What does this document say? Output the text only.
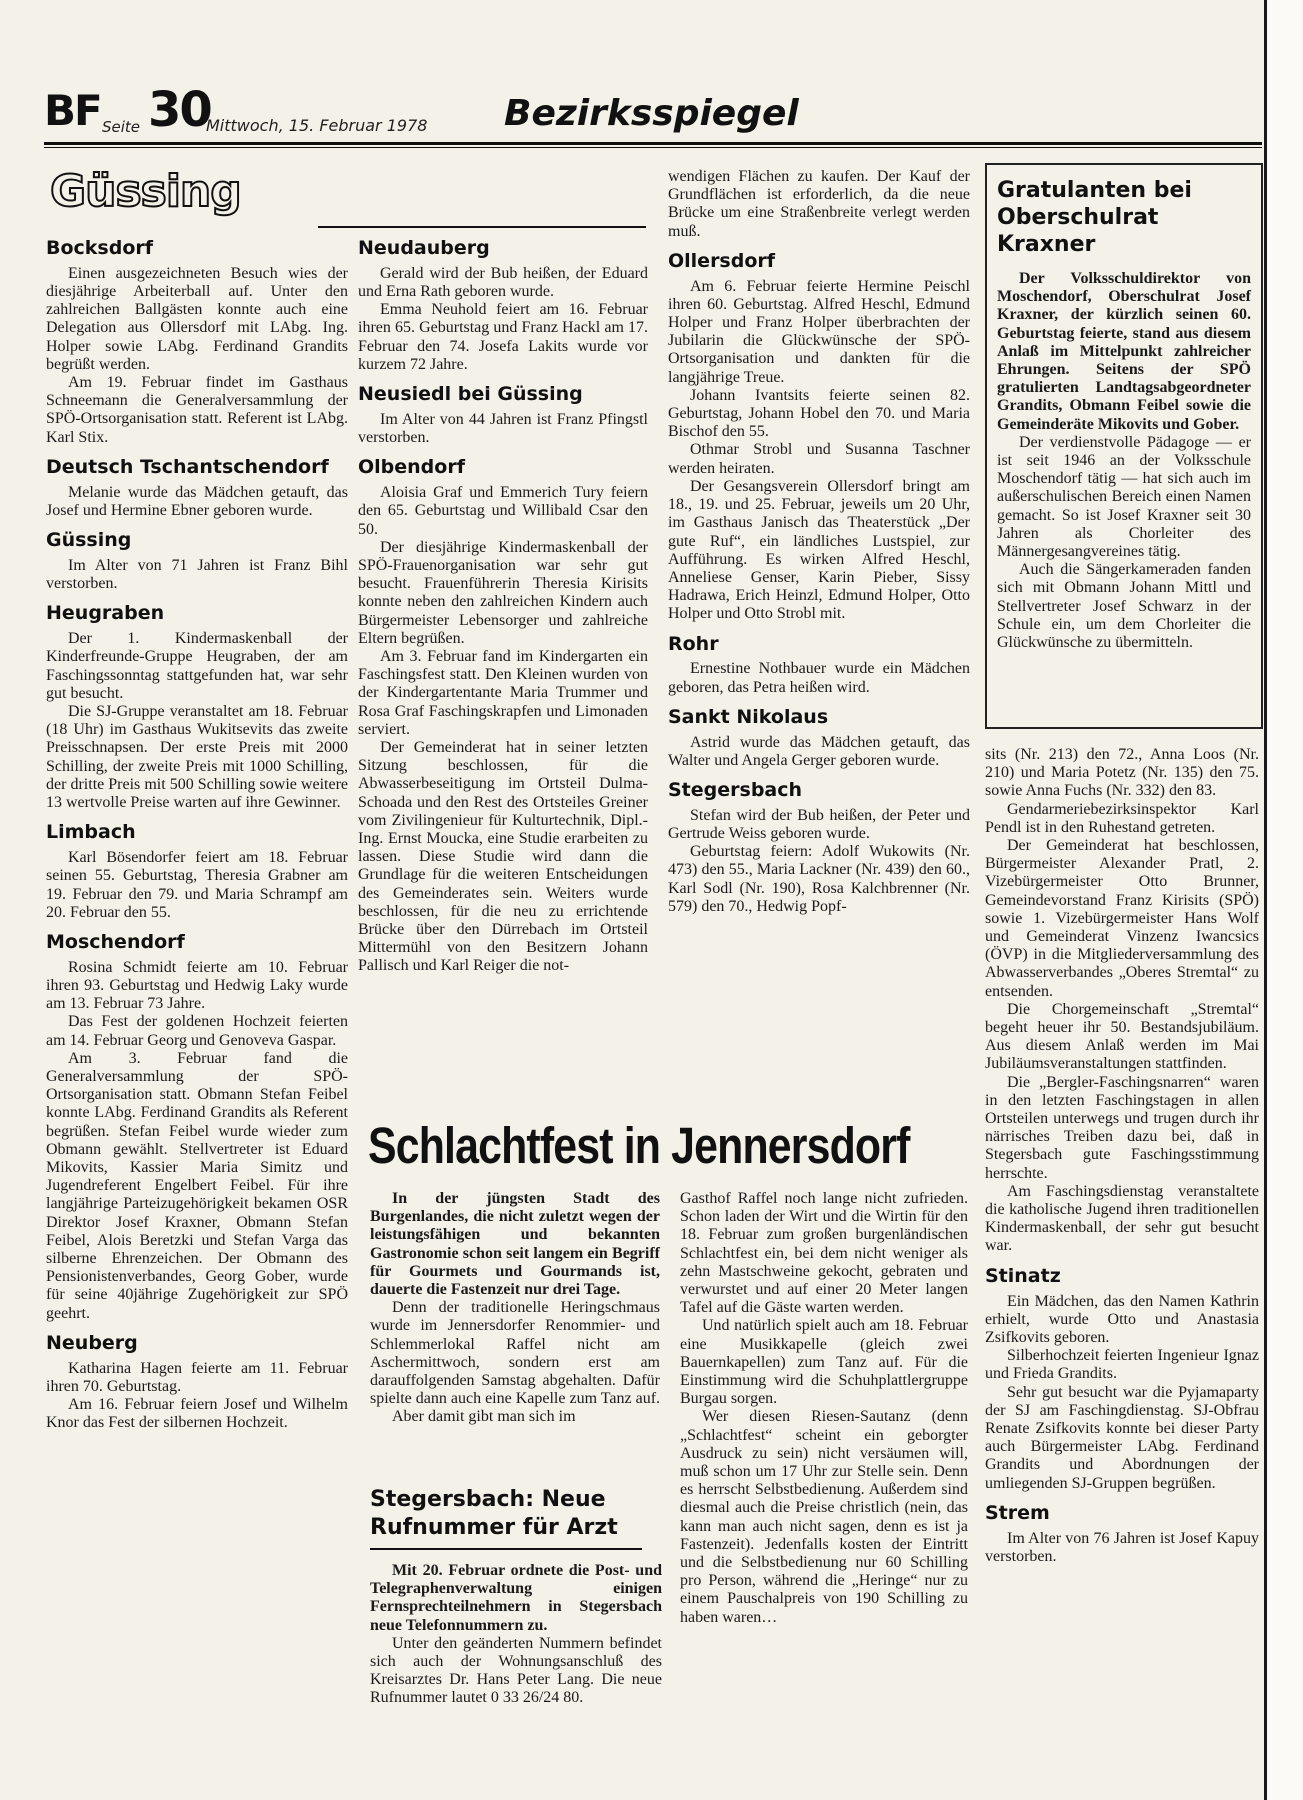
BF Seite 30
Mittwoch, 15. Februar 1978 Bezirksspiegel
Güssing
Bocksdorf

Einen ausgezeichneten Besuch wies der diesjährige Arbeiterball auf. Unter den zahlreichen Ballgästen konnte auch eine Delegation aus Ollersdorf mit LAbg. Ing. Holper sowie LAbg. Ferdinand Grandits begrüßt werden.

Am 19. Februar findet im Gasthaus Schneemann die Generalversammlung der SPÖ-Ortsorganisation statt. Referent ist LAbg. Karl Stix.

Deutsch Tschantschendorf

Melanie wurde das Mädchen getauft, das Josef und Hermine Ebner geboren wurde.

Güssing

Im Alter von 71 Jahren ist Franz Bihl verstorben.

Heugraben

Der 1. Kindermaskenball der Kinderfreunde-Gruppe Heugraben, der am Faschingssonntag stattgefunden hat, war sehr gut besucht.

Die SJ-Gruppe veranstaltet am 18. Februar (18 Uhr) im Gasthaus Wukitsevits das zweite Preisschnapsen. Der erste Preis mit 2000 Schilling, der zweite Preis mit 1000 Schilling, der dritte Preis mit 500 Schilling sowie weitere 13 wertvolle Preise warten auf ihre Gewinner.

Limbach

Karl Bösendorfer feiert am 18. Februar seinen 55. Geburtstag, Theresia Grabner am 19. Februar den 79. und Maria Schrampf am 20. Februar den 55.

Moschendorf

Rosina Schmidt feierte am 10. Februar ihren 93. Geburtstag und Hedwig Laky wurde am 13. Februar 73 Jahre.

Das Fest der goldenen Hochzeit feierten am 14. Februar Georg und Genoveva Gaspar.

Am 3. Februar fand die Generalversammlung der SPÖ-Ortsorganisation statt. Obmann Stefan Feibel konnte LAbg. Ferdinand Grandits als Referent begrüßen. Stefan Feibel wurde wieder zum Obmann gewählt. Stellvertreter ist Eduard Mikovits, Kassier Maria Simitz und Jugendreferent Engelbert Feibel. Für ihre langjährige Parteizugehörigkeit bekamen OSR Direktor Josef Kraxner, Obmann Stefan Feibel, Alois Beretzki und Stefan Varga das silberne Ehrenzeichen. Der Obmann des Pensionistenverbandes, Georg Gober, wurde für seine 40jährige Zugehörigkeit zur SPÖ geehrt.

Neuberg

Katharina Hagen feierte am 11. Februar ihren 70. Geburtstag.

Am 16. Februar feiern Josef und Wilhelm Knor das Fest der silbernen Hochzeit.

Neudauberg

Gerald wird der Bub heißen, der Eduard und Erna Rath geboren wurde.

Emma Neuhold feiert am 16. Februar ihren 65. Geburtstag und Franz Hackl am 17. Februar den 74. Josefa Lakits wurde vor kurzem 72 Jahre.

Neusiedl bei Güssing

Im Alter von 44 Jahren ist Franz Pfingstl verstorben.

Olbendorf

Aloisia Graf und Emmerich Tury feiern den 65. Geburtstag und Willibald Csar den 50.

Der diesjährige Kindermaskenball der SPÖ-Frauenorganisation war sehr gut besucht. Frauenführerin Theresia Kirisits konnte neben den zahlreichen Kindern auch Bürgermeister Lebensorger und zahlreiche Eltern begrüßen.

Am 3. Februar fand im Kindergarten ein Faschingsfest statt. Den Kleinen wurden von der Kindergartentante Maria Trummer und Rosa Graf Faschingskrapfen und Limonaden serviert.

Der Gemeinderat hat in seiner letzten Sitzung beschlossen, für die Abwasserbeseitigung im Ortsteil Dulma-Schoada und den Rest des Ortsteiles Greiner vom Zivilingenieur für Kulturtechnik, Dipl.-Ing. Ernst Moucka, eine Studie erarbeiten zu lassen. Diese Studie wird dann die Grundlage für die weiteren Entscheidungen des Gemeinderates sein. Weiters wurde beschlossen, für die neu zu errichtende Brücke über den Dürrebach im Ortsteil Mittermühl von den Besitzern Johann Pallisch und Karl Reiger die not-

wendigen Flächen zu kaufen. Der Kauf der Grundflächen ist erforderlich, da die neue Brücke um eine Straßenbreite verlegt werden muß.

Ollersdorf

Am 6. Februar feierte Hermine Peischl ihren 60. Geburtstag. Alfred Heschl, Edmund Holper und Franz Holper überbrachten der Jubilarin die Glückwünsche der SPÖ-Ortsorganisation und dankten für die langjährige Treue.

Johann Ivantsits feierte seinen 82. Geburtstag, Johann Hobel den 70. und Maria Bischof den 55.

Othmar Strobl und Susanna Taschner werden heiraten.

Der Gesangsverein Ollersdorf bringt am 18., 19. und 25. Februar, jeweils um 20 Uhr, im Gasthaus Janisch das Theaterstück „Der gute Ruf“, ein ländliches Lustspiel, zur Aufführung. Es wirken Alfred Heschl, Anneliese Genser, Karin Pieber, Sissy Hadrawa, Erich Heinzl, Edmund Holper, Otto Holper und Otto Strobl mit.

Rohr

Ernestine Nothbauer wurde ein Mädchen geboren, das Petra heißen wird.

Sankt Nikolaus

Astrid wurde das Mädchen getauft, das Walter und Angela Gerger geboren wurde.

Stegersbach

Stefan wird der Bub heißen, der Peter und Gertrude Weiss geboren wurde.

Geburtstag feiern: Adolf Wukowits (Nr. 473) den 55., Maria Lackner (Nr. 439) den 60., Karl Sodl (Nr. 190), Rosa Kalchbrenner (Nr. 579) den 70., Hedwig Popf-

Gratulanten bei Oberschulrat Kraxner

Der Volksschuldirektor von Moschendorf, Oberschulrat Josef Kraxner, der kürzlich seinen 60. Geburtstag feierte, stand aus diesem Anlaß im Mittelpunkt zahlreicher Ehrungen. Seitens der SPÖ gratulierten Landtagsabgeordneter Grandits, Obmann Feibel sowie die Gemeinderäte Mikovits und Gober.

Der verdienstvolle Pädagoge — er ist seit 1946 an der Volksschule Moschendorf tätig — hat sich auch im außerschulischen Bereich einen Namen gemacht. So ist Josef Kraxner seit 30 Jahren als Chorleiter des Männergesangvereines tätig.

Auch die Sängerkameraden fanden sich mit Obmann Johann Mittl und Stellvertreter Josef Schwarz in der Schule ein, um dem Chorleiter die Glückwünsche zu übermitteln.

sits (Nr. 213) den 72., Anna Loos (Nr. 210) und Maria Potetz (Nr. 135) den 75. sowie Anna Fuchs (Nr. 332) den 83.

Gendarmeriebezirksinspektor Karl Pendl ist in den Ruhestand getreten.

Der Gemeinderat hat beschlossen, Bürgermeister Alexander Pratl, 2. Vizebürgermeister Otto Brunner, Gemeindevorstand Franz Kirisits (SPÖ) sowie 1. Vizebürgermeister Hans Wolf und Gemeinderat Vinzenz Iwancsics (ÖVP) in die Mitgliederversammlung des Abwasserverbandes „Oberes Stremtal“ zu entsenden.

Die Chorgemeinschaft „Stremtal“ begeht heuer ihr 50. Bestandsjubiläum. Aus diesem Anlaß werden im Mai Jubiläumsveranstaltungen stattfinden.

Die „Bergler-Faschingsnarren“ waren in den letzten Faschingstagen in allen Ortsteilen unterwegs und trugen durch ihr närrisches Treiben dazu bei, daß in Stegersbach gute Faschingsstimmung herrschte.

Am Faschingsdienstag veranstaltete die katholische Jugend ihren traditionellen Kindermaskenball, der sehr gut besucht war.

Stinatz

Ein Mädchen, das den Namen Kathrin erhielt, wurde Otto und Anastasia Zsifkovits geboren.

Silberhochzeit feierten Ingenieur Ignaz und Frieda Grandits.

Sehr gut besucht war die Pyjamaparty der SJ am Faschingdienstag. SJ-Obfrau Renate Zsifkovits konnte bei dieser Party auch Bürgermeister LAbg. Ferdinand Grandits und Abordnungen der umliegenden SJ-Gruppen begrüßen.

Strem

Im Alter von 76 Jahren ist Josef Kapuy verstorben.

Schlachtfest in Jennersdorf

In der jüngsten Stadt des Burgenlandes, die nicht zuletzt wegen der leistungsfähigen und bekannten Gastronomie schon seit langem ein Begriff für Gourmets und Gourmands ist, dauerte die Fastenzeit nur drei Tage.

Denn der traditionelle Heringschmaus wurde im Jennersdorfer Renommier- und Schlemmerlokal Raffel nicht am Aschermittwoch, sondern erst am darauffolgenden Samstag abgehalten. Dafür spielte dann auch eine Kapelle zum Tanz auf.

Aber damit gibt man sich im

Stegersbach: Neue Rufnummer für Arzt

Mit 20. Februar ordnete die Post- und Telegraphenverwaltung einigen Fernsprechteilnehmern in Stegersbach neue Telefonnummern zu.

Unter den geänderten Nummern befindet sich auch der Wohnungsanschluß des Kreisarztes Dr. Hans Peter Lang. Die neue Rufnummer lautet 0 33 26/24 80.

Gasthof Raffel noch lange nicht zufrieden. Schon laden der Wirt und die Wirtin für den 18. Februar zum großen burgenländischen Schlachtfest ein, bei dem nicht weniger als zehn Mastschweine gekocht, gebraten und verwurstet und auf einer 20 Meter langen Tafel auf die Gäste warten werden.

Und natürlich spielt auch am 18. Februar eine Musikkapelle (gleich zwei Bauernkapellen) zum Tanz auf. Für die Einstimmung wird die Schuhplattlergruppe Burgau sorgen.

Wer diesen Riesen-Sautanz (denn „Schlachtfest“ scheint ein geborgter Ausdruck zu sein) nicht versäumen will, muß schon um 17 Uhr zur Stelle sein. Denn es herrscht Selbstbedienung. Außerdem sind diesmal auch die Preise christlich (nein, das kann man auch nicht sagen, denn es ist ja Fastenzeit). Jedenfalls kosten der Eintritt und die Selbstbedienung nur 60 Schilling pro Person, während die „Heringe“ nur zu einem Pauschalpreis von 190 Schilling zu haben waren…
